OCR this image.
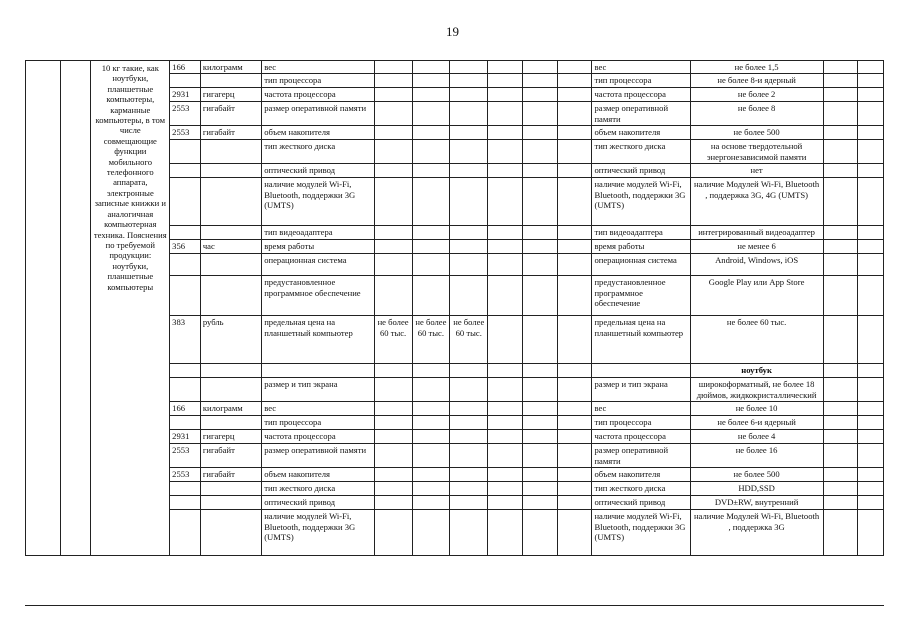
19
		10 кг такие, как ноутбуки, планшетные компьютеры, карманные компьютеры, в том числе совмещающие функции мобильного телефонного аппарата, электронные записные книжки и аналогичная компьютерная техника. Пояснения по требуемой продукции: ноутбуки, планшетные компьютеры	166	килограмм	вес							вес	не более 1,5		
					тип процессора							тип процессора	не более 8-и ядерный		
			2931	гигагерц	частота процессора							частота процессора	не более 2		
			2553	гигабайт	размер оперативной памяти							размер оперативной памяти	не более 8		
			2553	гигабайт	объем накопителя							объем накопителя	не более 500		
					тип жесткого диска							тип жесткого диска	на основе твердотельной энергонезависимой памяти		
					оптический привод							оптический привод	нет		
					наличие модулей Wi-Fi, Bluetooth, поддержки 3G (UMTS)							наличие модулей Wi-Fi, Bluetooth, поддержки 3G (UMTS)	наличие Модулей Wi-Fi, Bluetooth , поддержка 3G, 4G (UMTS)		
					тип видеоадаптера							тип видеоадаптера	интегрированный видеоадаптер		
			356	час	время работы							время работы	не менее 6		
					операционная система							операционная система	Android, Windows, iOS		
					предустановленное программное обеспечение							предустановленное программное обеспечение	Google Play или App Store		
			383	рубль	предельная цена на планшетный компьютер	не более 60 тыс.	не более 60 тыс.	не более 60 тыс.				предельная цена на планшетный компьютер	не более 60 тыс.		
													ноутбук		
					размер и тип экрана							размер и тип экрана	широкоформатный, не более 18 дюймов, жидкокристаллический		
			166	килограмм	вес							вес	не более 10		
					тип процессора							тип процессора	не более 6-и ядерный		
			2931	гигагерц	частота процессора							частота процессора	не более 4		
			2553	гигабайт	размер оперативной памяти							размер оперативной памяти	не более 16		
			2553	гигабайт	объем накопителя							объем накопителя	не более 500		
					тип жесткого диска							тип жесткого диска	HDD,SSD		
					оптический привод							оптический привод	DVD±RW, внутренний		
					наличие модулей Wi-Fi, Bluetooth, поддержки 3G (UMTS)							наличие модулей Wi-Fi, Bluetooth, поддержки 3G (UMTS)	наличие Модулей Wi-Fi, Bluetooth , поддержка 3G		
